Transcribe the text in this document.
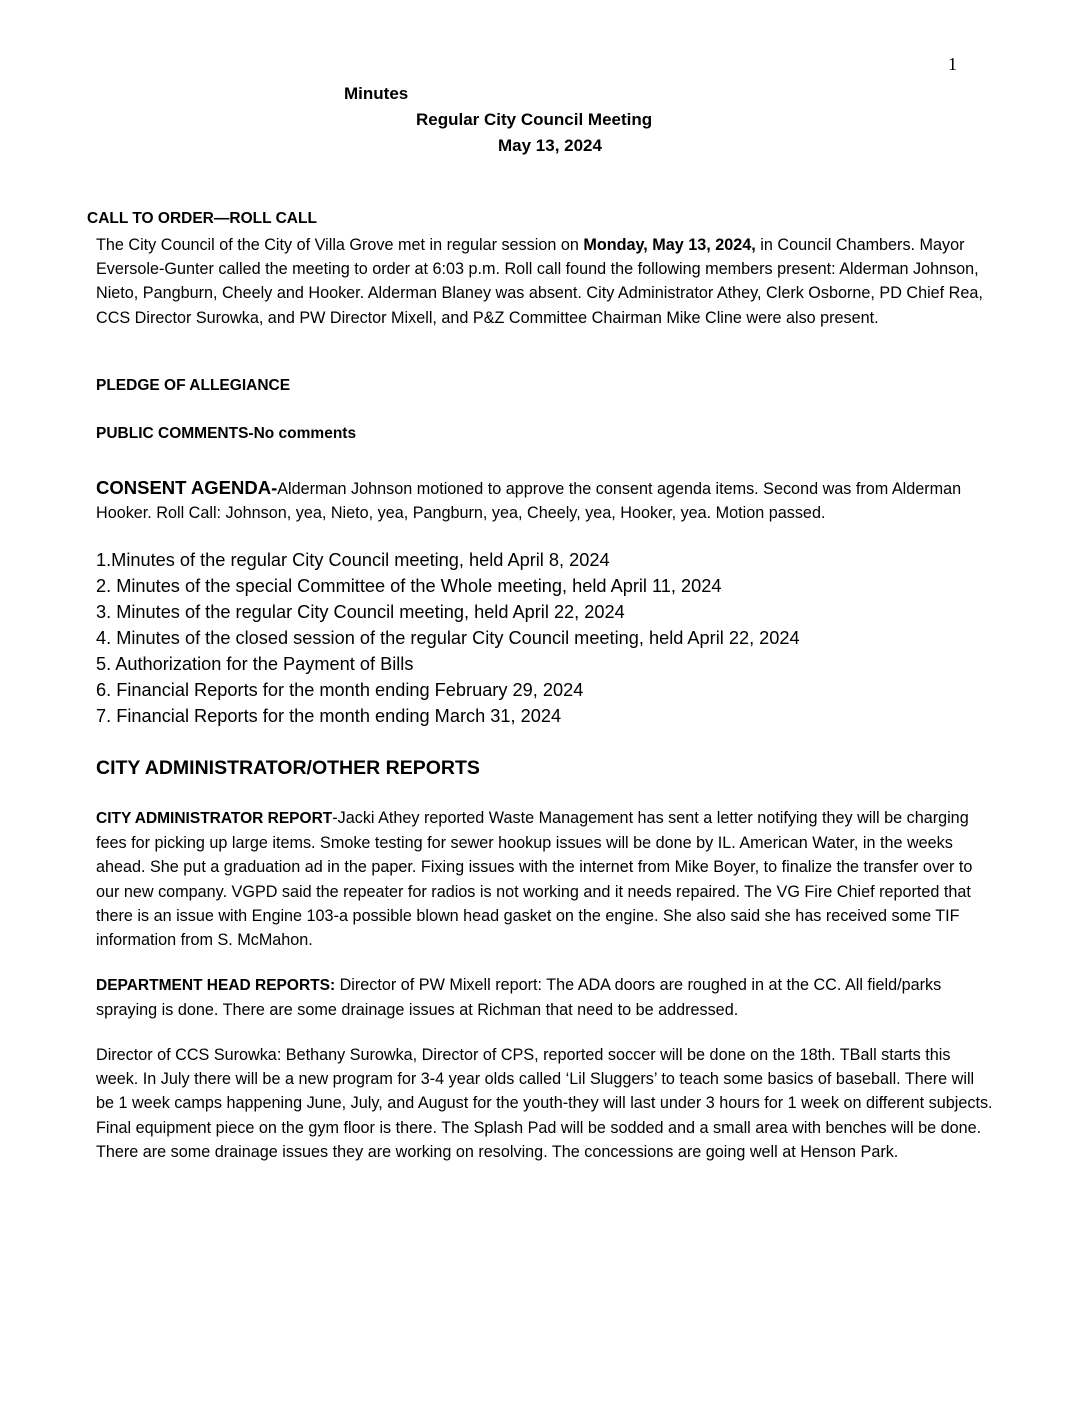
1
Minutes
Regular City Council Meeting
May 13, 2024
CALL TO ORDER—ROLL CALL
The City Council of the City of Villa Grove met in regular session on Monday, May 13, 2024, in Council Chambers. Mayor Eversole-Gunter called the meeting to order at 6:03 p.m. Roll call found the following members present: Alderman Johnson, Nieto, Pangburn, Cheely and Hooker. Alderman Blaney was absent. City Administrator Athey, Clerk Osborne, PD Chief Rea, CCS Director Surowka, and PW Director Mixell, and P&Z Committee Chairman Mike Cline were also present.
PLEDGE OF ALLEGIANCE
PUBLIC COMMENTS-No comments
CONSENT AGENDA-Alderman Johnson motioned to approve the consent agenda items. Second was from Alderman Hooker. Roll Call: Johnson, yea, Nieto, yea, Pangburn, yea, Cheely, yea, Hooker, yea. Motion passed.
1.Minutes of the regular City Council meeting, held April 8, 2024
2. Minutes of the special Committee of the Whole meeting, held April 11, 2024
3. Minutes of the regular City Council meeting, held April 22, 2024
4. Minutes of the closed session of the regular City Council meeting, held April 22, 2024
5. Authorization for the Payment of Bills
6. Financial Reports for the month ending February 29, 2024
7. Financial Reports for the month ending March 31, 2024
CITY ADMINISTRATOR/OTHER REPORTS
CITY ADMINISTRATOR REPORT-Jacki Athey reported Waste Management has sent a letter notifying they will be charging fees for picking up large items. Smoke testing for sewer hookup issues will be done by IL. American Water, in the weeks ahead. She put a graduation ad in the paper. Fixing issues with the internet from Mike Boyer, to finalize the transfer over to our new company. VGPD said the repeater for radios is not working and it needs repaired. The VG Fire Chief reported that there is an issue with Engine 103-a possible blown head gasket on the engine. She also said she has received some TIF information from S. McMahon.
DEPARTMENT HEAD REPORTS: Director of PW Mixell report: The ADA doors are roughed in at the CC. All field/parks spraying is done. There are some drainage issues at Richman that need to be addressed.
Director of CCS Surowka: Bethany Surowka, Director of CPS, reported soccer will be done on the 18th. TBall starts this week. In July there will be a new program for 3-4 year olds called ‘Lil Sluggers’ to teach some basics of baseball. There will be 1 week camps happening June, July, and August for the youth-they will last under 3 hours for 1 week on different subjects. Final equipment piece on the gym floor is there. The Splash Pad will be sodded and a small area with benches will be done. There are some drainage issues they are working on resolving. The concessions are going well at Henson Park.
